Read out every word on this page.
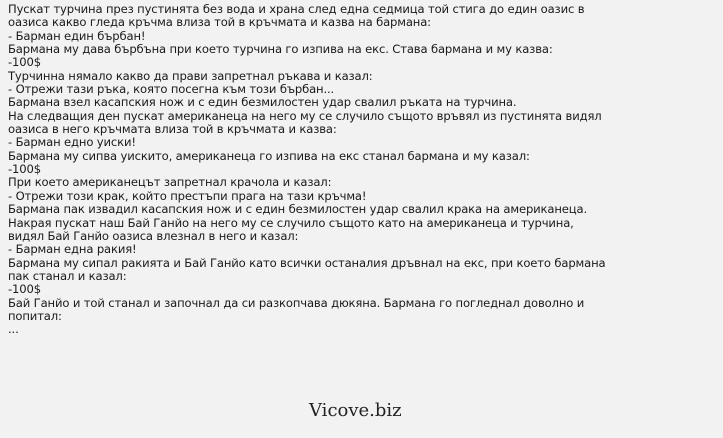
Пускат турчина през пустинята без вода и храна след една седмица той стига до един оазис в
оазиса какво гледа кръчма влиза той в кръчмата и казва на бармана:
- Барман един бърбан!
Бармана му дава бърбъна при което турчина го изпива на екс. Става бармана и му казва:
-100$
Турчинна нямало какво да прави запретнал ръкава и казал:
- Отрежи тази ръка, която посегна към този бърбан...
Бармана взел касапския нож и с един безмилостен удар свалил ръката на турчина.
На следващия ден пускат американеца на него му се случило същото връвял из пустинята видял
оазиса в него кръчмата влиза той в кръчмата и казва:
- Барман едно уиски!
Бармана му сипва уискито, американеца го изпива на екс станал бармана и му казал:
-100$
При което американецът запретнал крачола и казал:
- Отрежи този крак, който престъпи прага на тази кръчма!
Бармана пак извадил касапския нож и с един безмилостен удар свалил крака на американеца.
Накрая пускат наш Бай Ганйо на него му се случило същото като на американеца и турчина,
видял Бай Ганйо оазиса влезнал в него и казал:
- Барман една ракия!
Бармана му сипал ракията и Бай Ганйо като всички останалия дръвнал на екс, при което бармана
пак станал и казал:
-100$
Бай Ганйо и той станал и започнал да си разкопчава дюкяна. Бармана го погледнал доволно и
попитал:
...
Vicove.biz
